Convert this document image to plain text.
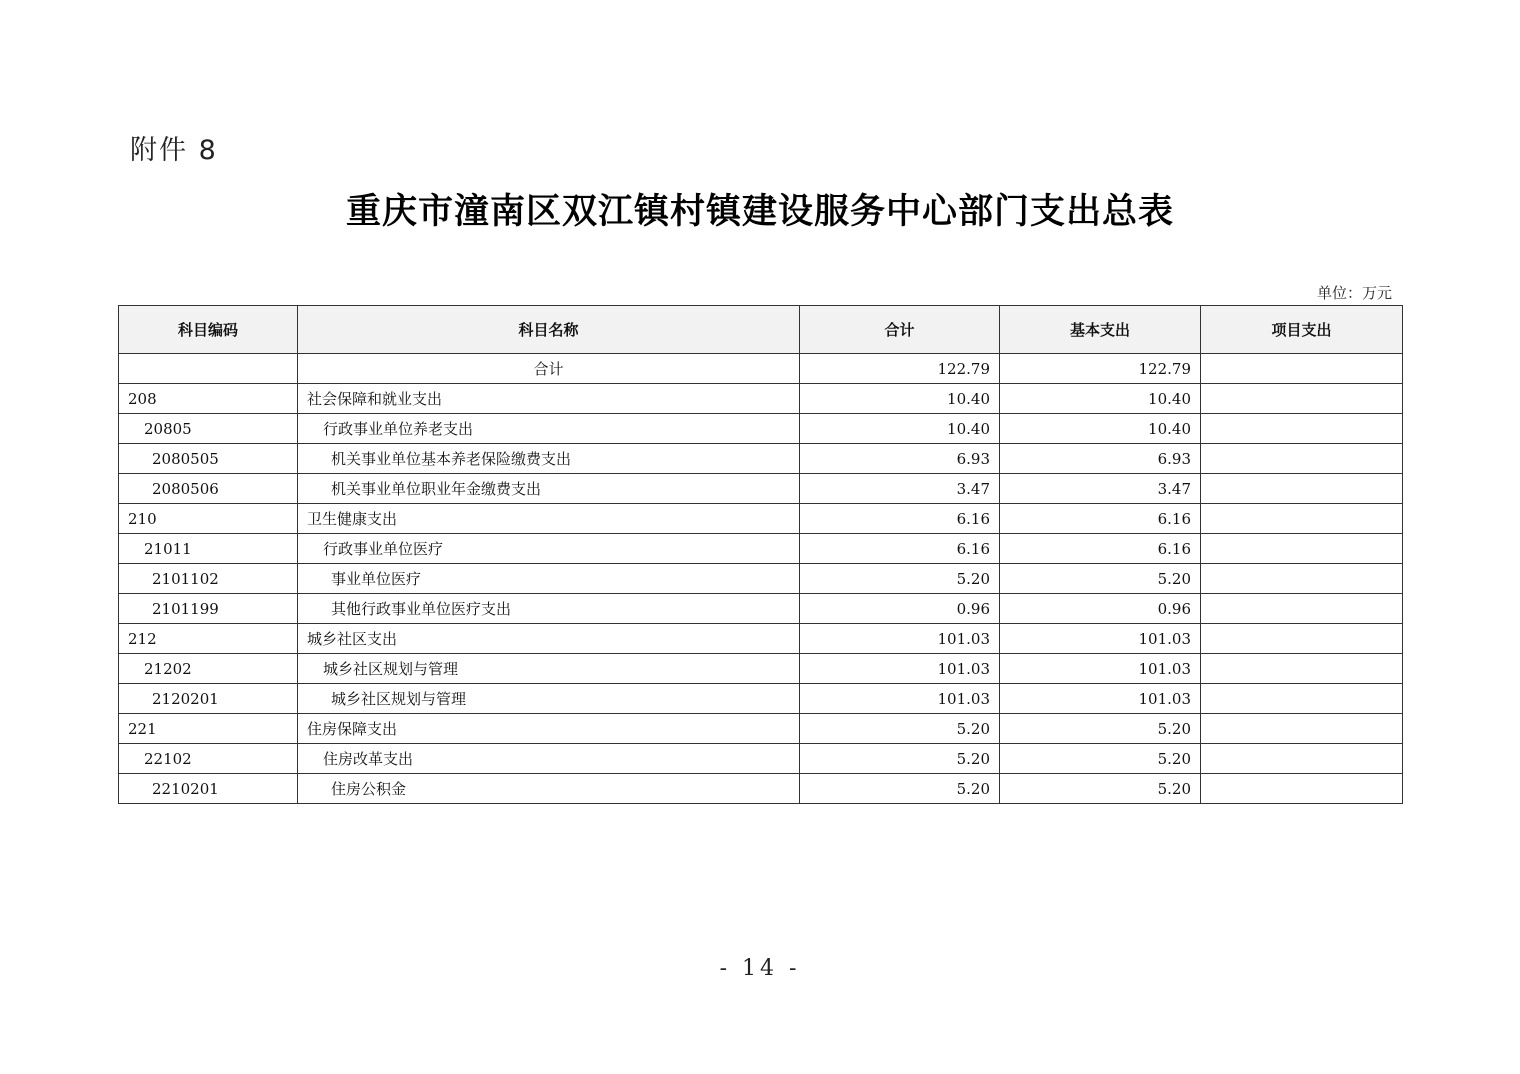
附件 8
重庆市潼南区双江镇村镇建设服务中心部门支出总表
单位：万元
科目编码	科目名称	合计	基本支出	项目支出
	合计	122.79	122.79	
208	社会保障和就业支出	10.40	10.40	
20805	行政事业单位养老支出	10.40	10.40	
2080505	机关事业单位基本养老保险缴费支出	6.93	6.93	
2080506	机关事业单位职业年金缴费支出	3.47	3.47	
210	卫生健康支出	6.16	6.16	
21011	行政事业单位医疗	6.16	6.16	
2101102	事业单位医疗	5.20	5.20	
2101199	其他行政事业单位医疗支出	0.96	0.96	
212	城乡社区支出	101.03	101.03	
21202	城乡社区规划与管理	101.03	101.03	
2120201	城乡社区规划与管理	101.03	101.03	
221	住房保障支出	5.20	5.20	
22102	住房改革支出	5.20	5.20	
2210201	住房公积金	5.20	5.20	
- 14 -
